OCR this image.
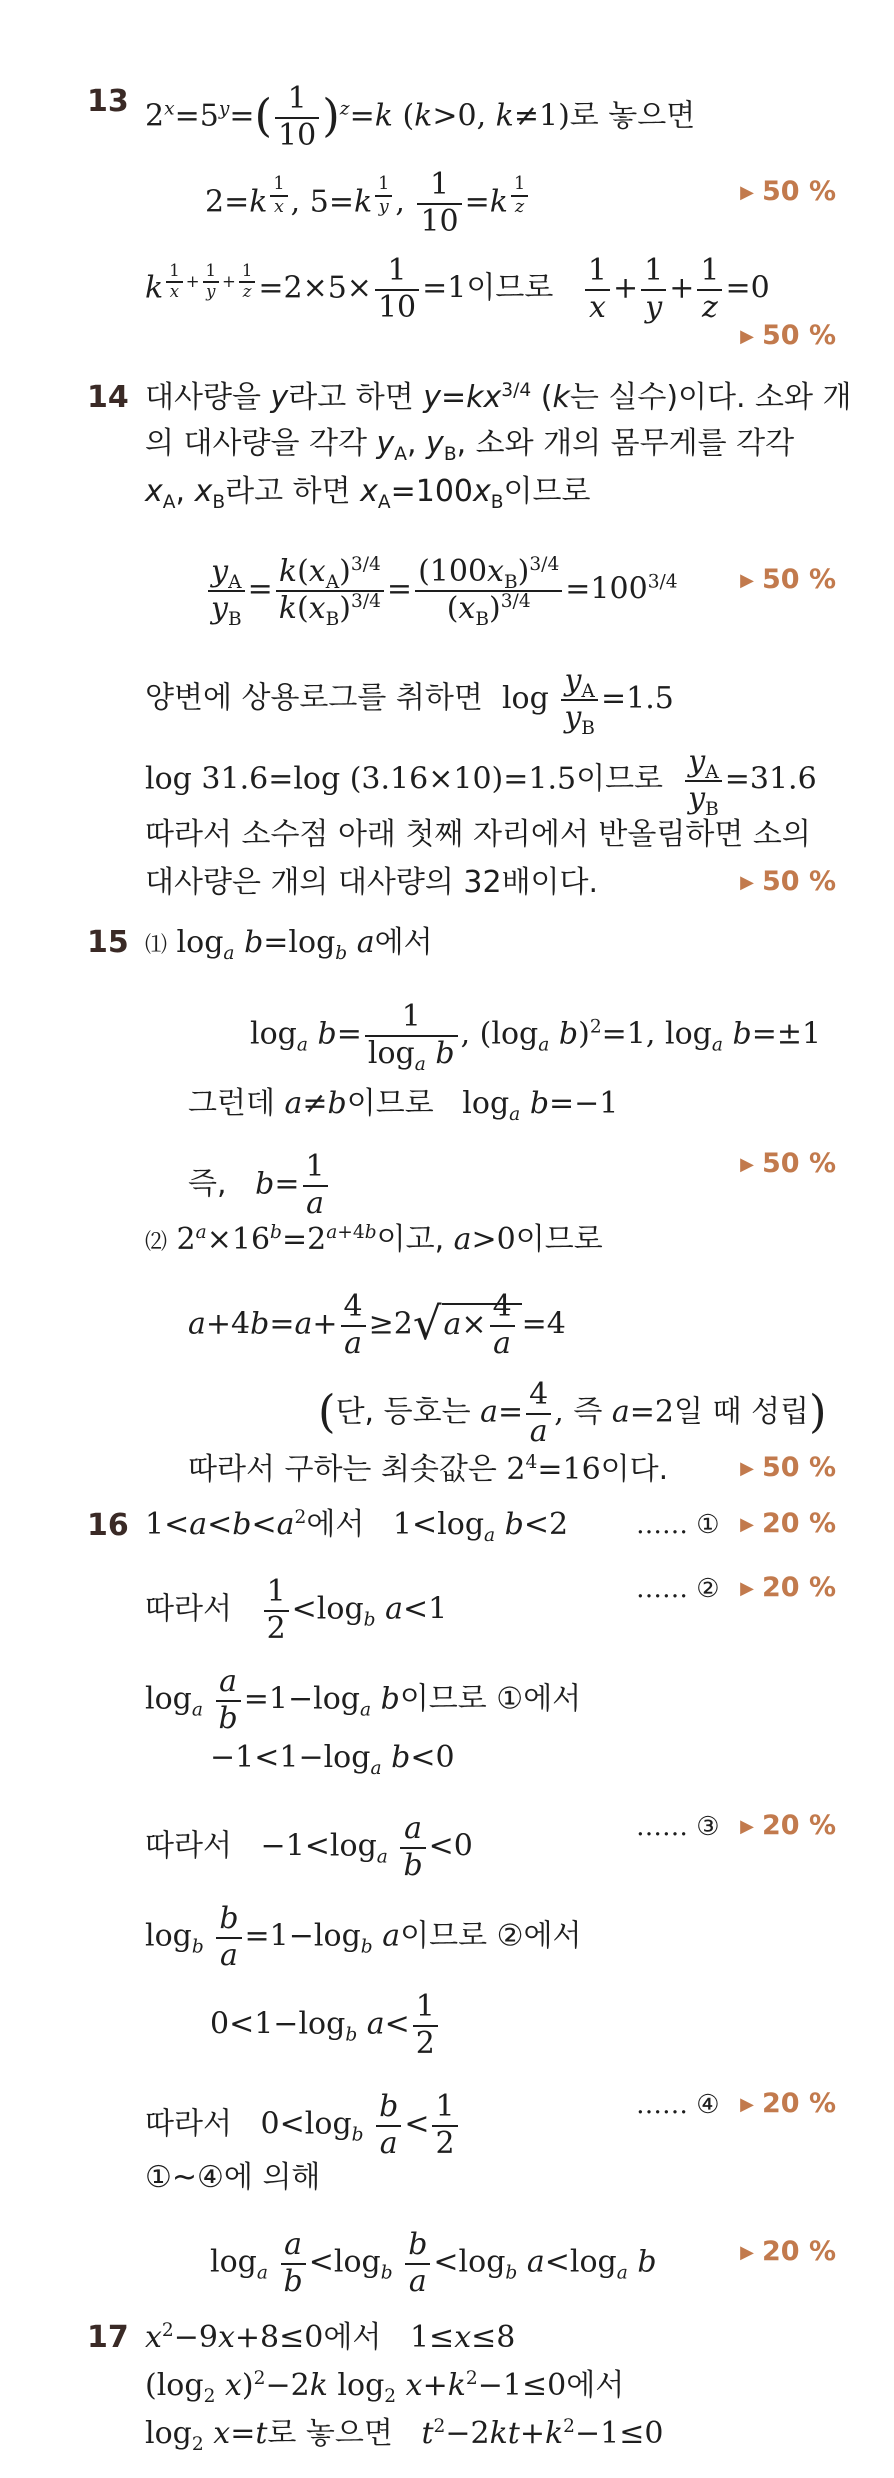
13 $2^x=5^y=( \frac{1}{10} )^z=k$ (k>0, k≠1)로 놓으면
2=k $^{\frac{1}{x}}$ , 5=k $^{\frac{1}{y}}$ , $\frac{1}{10} =k$ $^{\frac{1}{z}}$	▶ 50 %
k $^{\frac{1}{x} + \frac{1}{y} + \frac{1}{z}} =2\times 5\times \frac{1}{10} =1$이므로 $\frac{1}{x} + \frac{1}{y} + \frac{1}{z} =0$
▶ 50 %
14 대사량을 y라고 하면 $y=kx^{3/4}$ (k는 실수)이다. 소와 개
의 대사량을 각각 $y_A$, $y_B$, 소와 개의 몸무게를 각각
$x_A$, $x_B$라고 하면 $x_A=100x_B$이므로
$\frac{y_A}{y_B} = \frac{k(x_A)^{3/4}}{k(x_B)^{3/4}} = \frac{(100x_B)^{3/4}}{(x_B)^{3/4}} =100^{3/4}$	▶ 50 %
양변에 상용로그를 취하면  $\log \frac{y_A}{y_B} =1.5$
log 31.6=log (3.16×10)=1.5이므로 $\frac{y_A}{y_B} =31.6$
따라서 소수점 아래 첫째 자리에서 반올림하면 소의
대사량은 개의 대사량의 32배이다.	▶ 50 %
15 ⑴ $\log_a b=\log_b$ a에서
$\log_a b= \frac{1}{\log_a b}$ , ($\log_a$ b)$^2$=1, $\log_a b=\pm 1$
그런데 a≠b이므로   $\log_a b=-1$
즉, $b= \frac{1}{a}$	▶ 50 %
⑵ $2^a\times 16^b=2^{a+4b}$이고, a>0이므로
$a+4b=a+ \frac{4}{a} \ge 2√a\times \frac{4}{a} =4$
(단, 등호는 $a= \frac{4}{a}$ , 즉 a=2일 때 성립)
따라서 구하는 최솟값은 $2^4=16$이다.	▶ 50 %
16 $1<a<b<a^2$에서   $1<\log_a$ b<2	…… ① ▶ 20 %
따라서 $\frac{1}{2} <\log_b$ a<1
…… ② ▶ 20 %
$\log_a \frac{a}{b} =1-\log_a$ b이므로 ①에서
$-1<1-\log_a$ b<0
따라서   $-1<\log_a \frac{a}{b} <0$
…… ③ ▶ 20 %
$\log_b \frac{b}{a} =1-\log_b$ a이므로 ②에서
$0<1-\log_b$ $a< \frac{1}{2}$
따라서   $0<\log_b \frac{b}{a} < \frac{1}{2}$	…… ④ ▶ 20 %
①~④에 의해
$\log_a \frac{a}{b} <\log_b \frac{b}{a} <\log_b$ $a<\log_a$ b	▶ 20 %
17 $x^2-9x+8\le 0$에서   1≤x≤8
($\log_2$ x)$^2$−2k $\log_2 x+k^2-1\le 0$에서
$\log_2 x=t$로 놓으면 $t^2-2kt+k^2-1\le 0$
